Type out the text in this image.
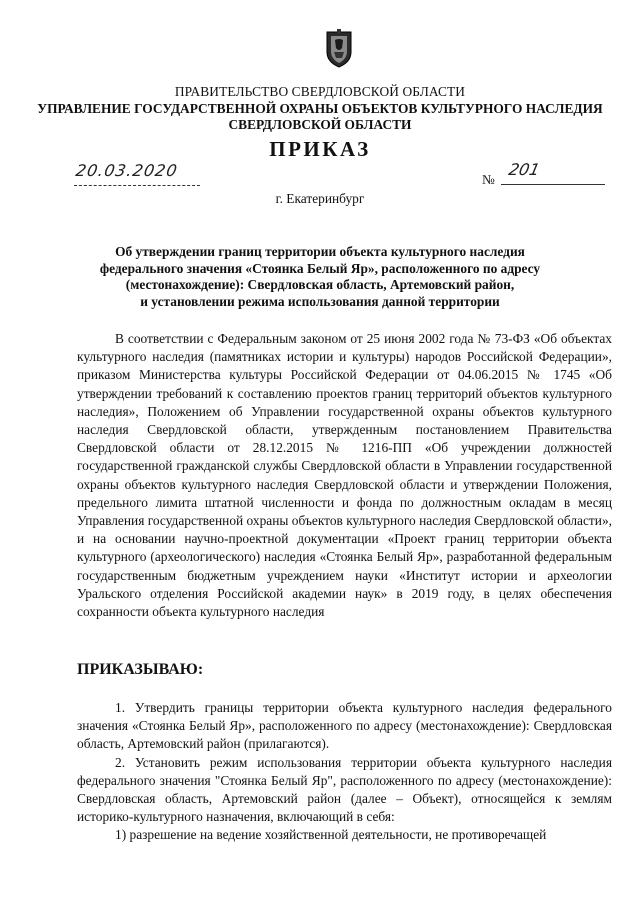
ПРАВИТЕЛЬСТВО СВЕРДЛОВСКОЙ ОБЛАСТИ
УПРАВЛЕНИЕ ГОСУДАРСТВЕННОЙ ОХРАНЫ ОБЪЕКТОВ КУЛЬТУРНОГО НАСЛЕДИЯ
СВЕРДЛОВСКОЙ ОБЛАСТИ
ПРИКАЗ
20.03.2020	№
201
г. Екатеринбург
Об утверждении границ территории объекта культурного наследия
федерального значения «Стоянка Белый Яр», расположенного по адресу
(местонахождение): Свердловская область, Артемовский район,
и установлении режима использования данной территории

В соответствии с Федеральным законом от 25 июня 2002 года № 73-ФЗ «Об объектах культурного наследия (памятниках истории и культуры) народов Российской Федерации», приказом Министерства культуры Российской Федерации от 04.06.2015 № 1745 «Об утверждении требований к составлению проектов границ территорий объектов культурного наследия», Положением об Управлении государственной охраны объектов культурного наследия Свердловской области, утвержденным постановлением Правительства Свердловской области от 28.12.2015 № 1216-ПП «Об учреждении должностей государственной гражданской службы Свердловской области в Управлении государственной охраны объектов культурного наследия Свердловской области и утверждении Положения, предельного лимита штатной численности и фонда по должностным окладам в месяц Управления государственной охраны объектов культурного наследия Свердловской области», и на основании научно-проектной документации «Проект границ территории объекта культурного (археологического) наследия «Стоянка Белый Яр», разработанной федеральным государственным бюджетным учреждением науки «Институт истории и археологии Уральского отделения Российской академии наук» в 2019 году, в целях обеспечения сохранности объекта культурного наследия

ПРИКАЗЫВАЮ:

1. Утвердить границы территории объекта культурного наследия федерального значения «Стоянка Белый Яр», расположенного по адресу (местонахождение): Свердловская область, Артемовский район (прилагаются).

2. Установить режим использования территории объекта культурного наследия федерального значения "Стоянка Белый Яр", расположенного по адресу (местонахождение): Свердловская область, Артемовский район (далее – Объект), относящейся к землям историко-культурного назначения, включающий в себя:

1) разрешение на ведение хозяйственной деятельности, не противоречащей
